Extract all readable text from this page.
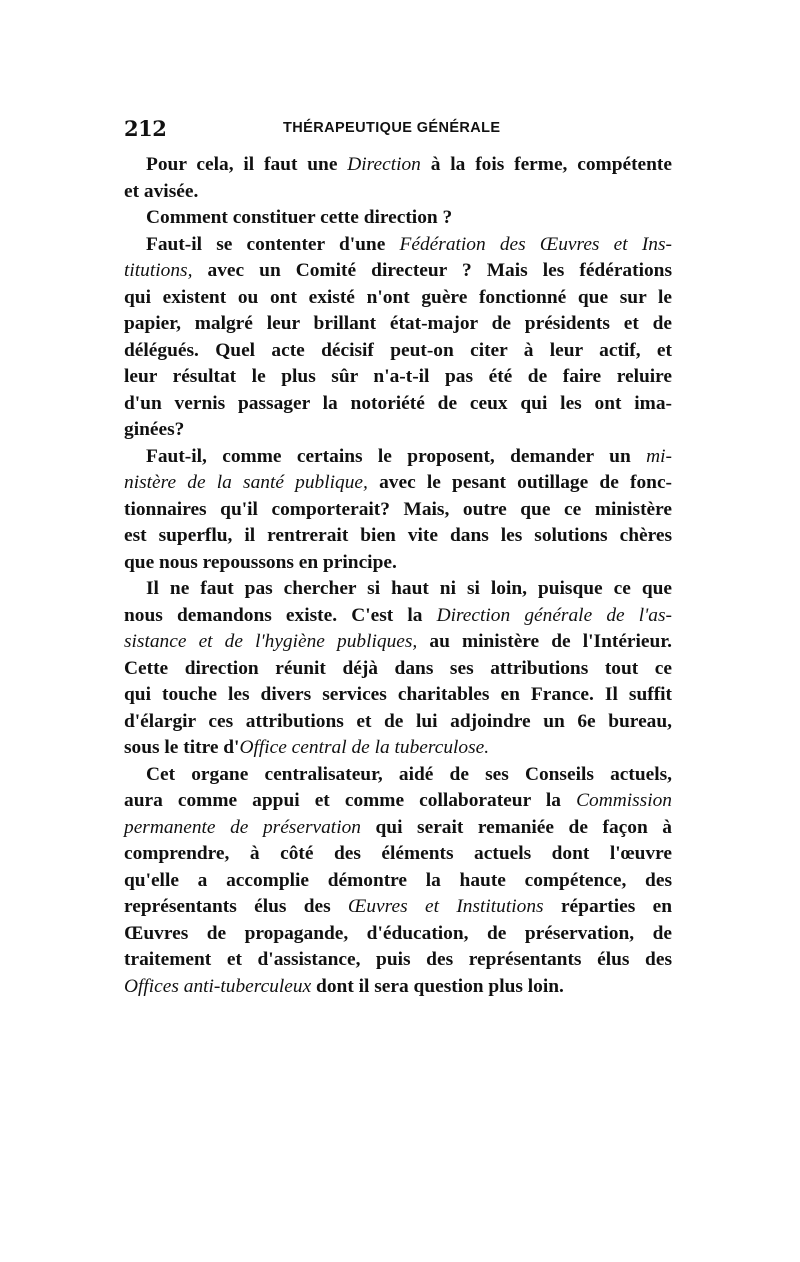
212	THÉRAPEUTIQUE GÉNÉRALE
Pour cela, il faut une Direction à la fois ferme, compétente
et avisée.
Comment constituer cette direction ?
Faut-il se contenter d'une Fédération des Œuvres et Ins-
titutions, avec un Comité directeur ? Mais les fédérations
qui existent ou ont existé n'ont guère fonctionné que sur le
papier, malgré leur brillant état-major de présidents et de
délégués. Quel acte décisif peut-on citer à leur actif, et
leur résultat le plus sûr n'a-t-il pas été de faire reluire
d'un vernis passager la notoriété de ceux qui les ont ima-
ginées?
Faut-il, comme certains le proposent, demander un mi-
nistère de la santé publique, avec le pesant outillage de fonc-
tionnaires qu'il comporterait? Mais, outre que ce ministère
est superflu, il rentrerait bien vite dans les solutions chères
que nous repoussons en principe.
Il ne faut pas chercher si haut ni si loin, puisque ce que
nous demandons existe. C'est la Direction générale de l'as-
sistance et de l'hygiène publiques, au ministère de l'Intérieur.
Cette direction réunit déjà dans ses attributions tout ce
qui touche les divers services charitables en France. Il suffit
d'élargir ces attributions et de lui adjoindre un 6e bureau,
sous le titre d'Office central de la tuberculose.
Cet organe centralisateur, aidé de ses Conseils actuels,
aura comme appui et comme collaborateur la Commission
permanente de préservation qui serait remaniée de façon à
comprendre, à côté des éléments actuels dont l'œuvre
qu'elle a accomplie démontre la haute compétence, des
représentants élus des Œuvres et Institutions réparties en
Œuvres de propagande, d'éducation, de préservation, de
traitement et d'assistance, puis des représentants élus des
Offices anti-tuberculeux dont il sera question plus loin.
